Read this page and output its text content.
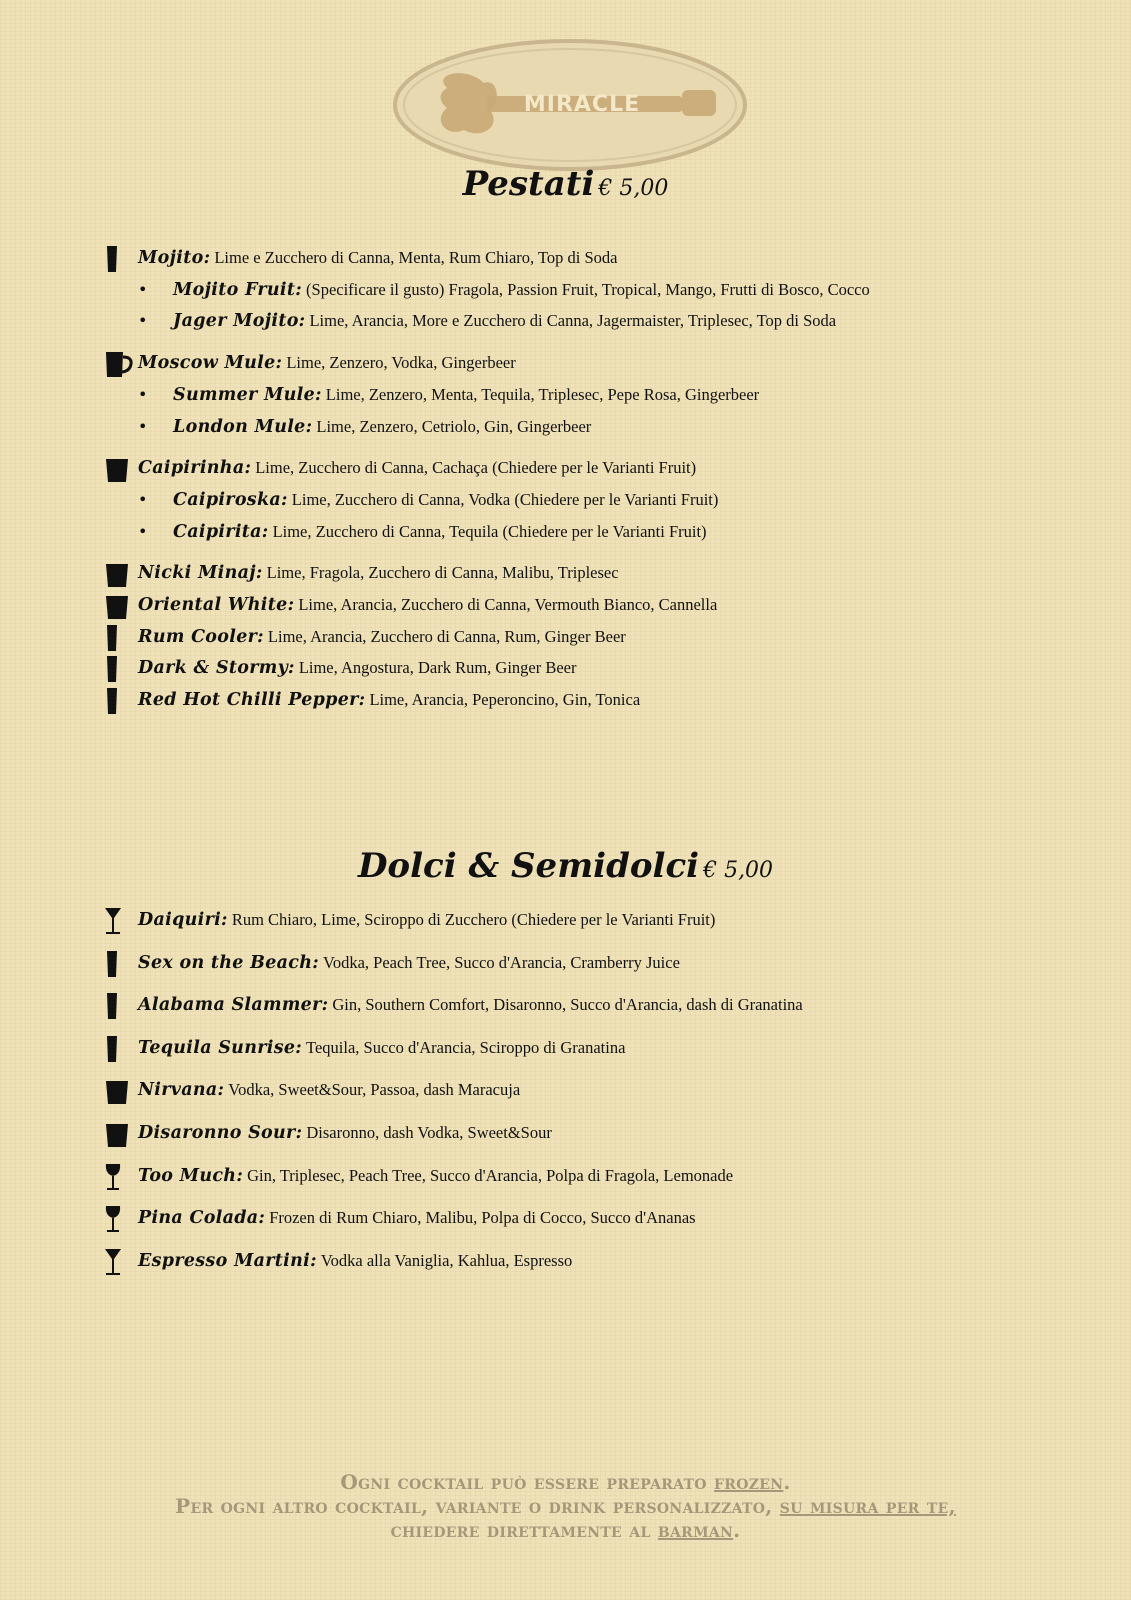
MIRACLE
Pestati € 5,00
Dolci & Semidolci € 5,00
Mojito: Lime e Zucchero di Canna, Menta, Rum Chiaro, Top di Soda
• Mojito Fruit: (Specificare il gusto) Fragola, Passion Fruit, Tropical, Mango, Frutti di Bosco, Cocco
• Jager Mojito: Lime, Arancia, More e Zucchero di Canna, Jagermaister, Triplesec, Top di Soda
Moscow Mule: Lime, Zenzero, Vodka, Gingerbeer
• Summer Mule: Lime, Zenzero, Menta, Tequila, Triplesec, Pepe Rosa, Gingerbeer
• London Mule: Lime, Zenzero, Cetriolo, Gin, Gingerbeer
Caipirinha: Lime, Zucchero di Canna, Cachaça (Chiedere per le Varianti Fruit)
• Caipiroska: Lime, Zucchero di Canna, Vodka (Chiedere per le Varianti Fruit)
• Caipirita: Lime, Zucchero di Canna, Tequila (Chiedere per le Varianti Fruit)
Nicki Minaj: Lime, Fragola, Zucchero di Canna, Malibu, Triplesec
Oriental White: Lime, Arancia, Zucchero di Canna, Vermouth Bianco, Cannella
Rum Cooler: Lime, Arancia, Zucchero di Canna, Rum, Ginger Beer
Dark & Stormy: Lime, Angostura, Dark Rum, Ginger Beer
Red Hot Chilli Pepper: Lime, Arancia, Peperoncino, Gin, Tonica
Daiquiri: Rum Chiaro, Lime, Sciroppo di Zucchero (Chiedere per le Varianti Fruit)
Sex on the Beach: Vodka, Peach Tree, Succo d'Arancia, Cramberry Juice
Alabama Slammer: Gin, Southern Comfort, Disaronno, Succo d'Arancia, dash di Granatina
Tequila Sunrise: Tequila, Succo d'Arancia, Sciroppo di Granatina
Nirvana: Vodka, Sweet&Sour, Passoa, dash Maracuja
Disaronno Sour: Disaronno, dash Vodka, Sweet&Sour
Too Much: Gin, Triplesec, Peach Tree, Succo d'Arancia, Polpa di Fragola, Lemonade
Pina Colada: Frozen di Rum Chiaro, Malibu, Polpa di Cocco, Succo d'Ananas
Espresso Martini: Vodka alla Vaniglia, Kahlua, Espresso
Ogni cocktail può essere preparato frozen.
Per ogni altro cocktail, variante o drink personalizzato, su misura per te,
chiedere direttamente al barman.
